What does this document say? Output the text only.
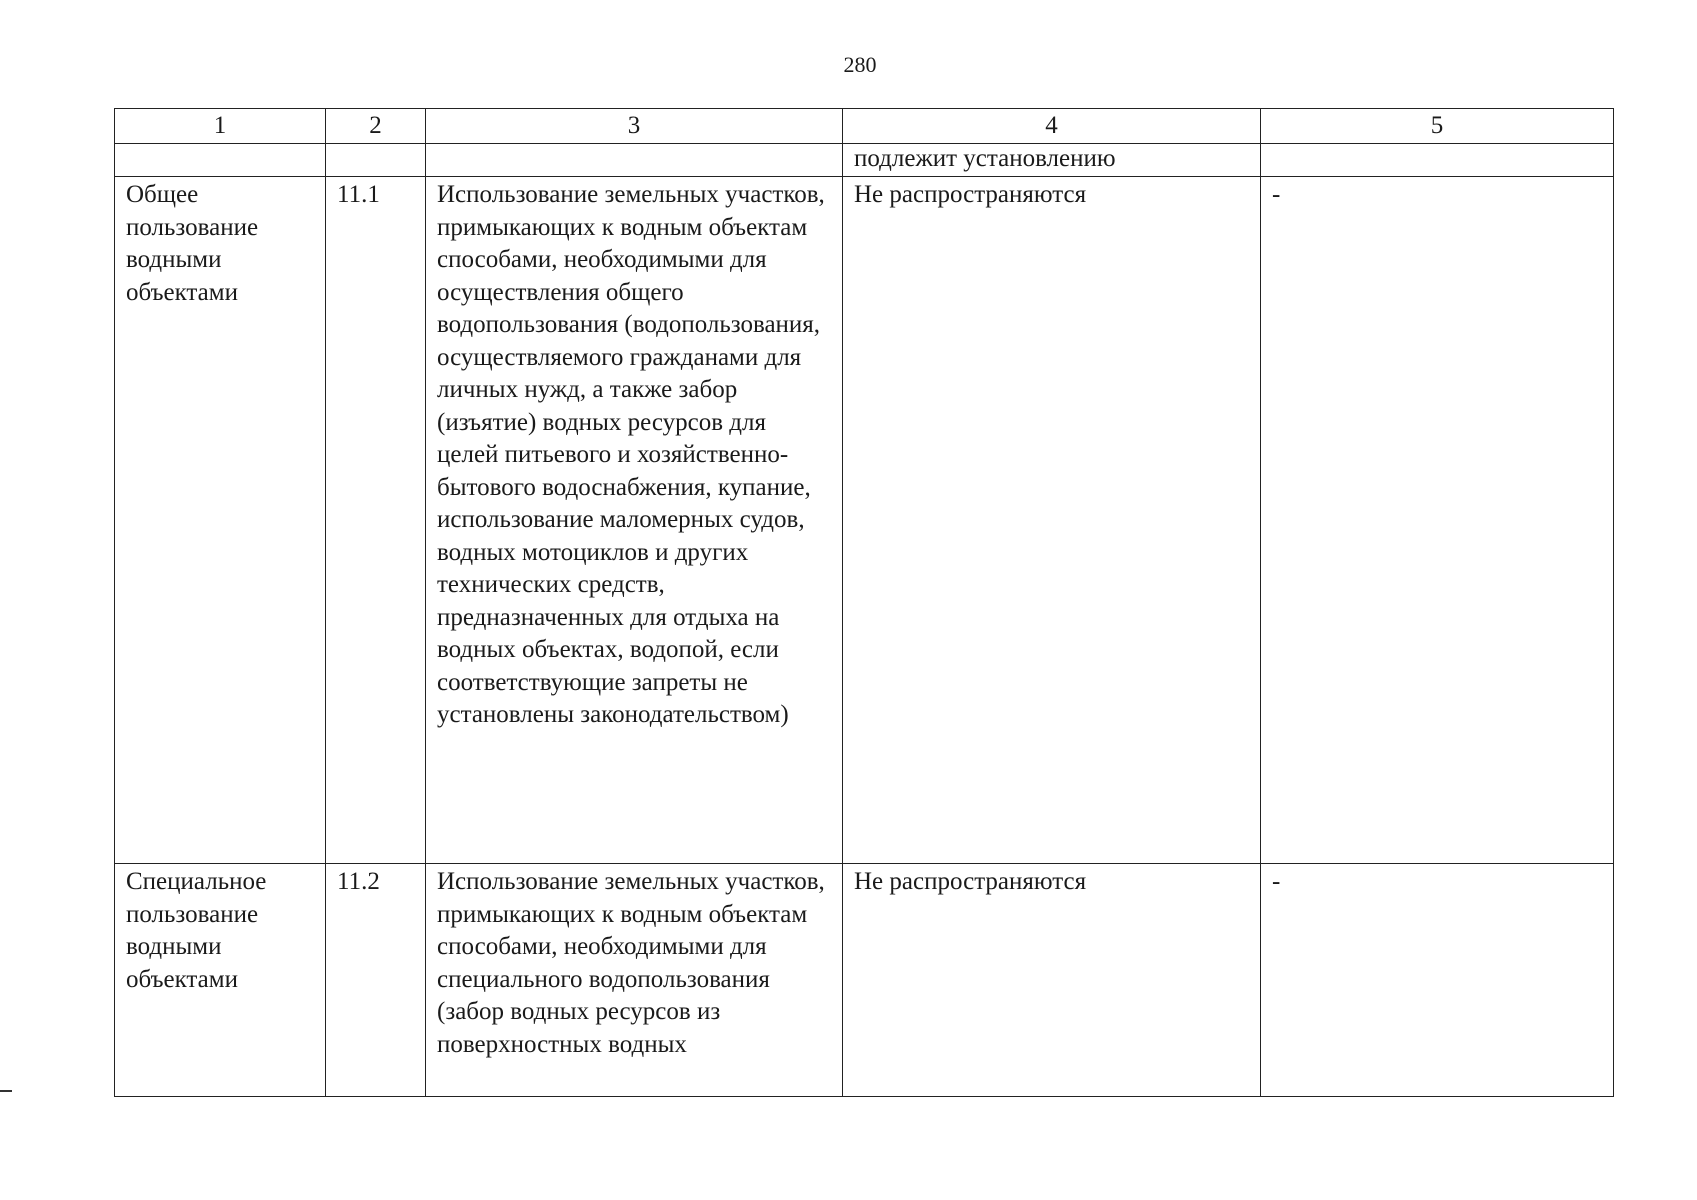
280
1	2	3	4	5
			подлежит установлению	
Общее пользование водными объектами	11.1	Использование земельных участков, примыкающих к водным объектам способами, необходимыми для осуществления общего водопользования (водопользования, осуществляемого гражданами для личных нужд, а также забор (изъятие) водных ресурсов для целей питьевого и хозяйственно-бытового водоснабжения, купание, использование маломерных судов, водных мотоциклов и других технических средств, предназначенных для отдыха на водных объектах, водопой, если соответствующие запреты не установлены законодательством)	Не распространяются	-
Специальное пользование водными объектами	11.2	Использование земельных участков, примыкающих к водным объектам способами, необходимыми для специального водопользования (забор водных ресурсов из поверхностных водных	Не распространяются	-
